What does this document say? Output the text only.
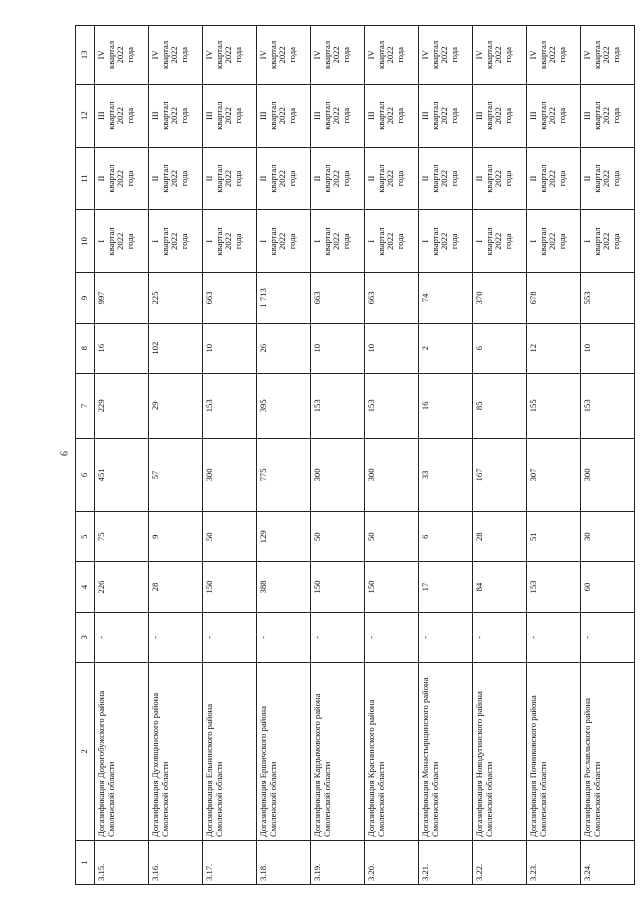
9
1	2	3	4	5	6	7	8	9	10	11	12	13
3.15.	Догазификация Дорогобужского района Смоленской области	-	226	75	451	229	16	997	I
квартал
2022
года	II
квартал
2022
года	III
квартал
2022
года	IV
квартал
2022
года
3.16.	Догазификация Духовщинского района Смоленской области	-	28	9	57	29	102	225	I
квартал
2022
года	II
квартал
2022
года	III
квартал
2022
года	IV
квартал
2022
года
3.17.	Догазификация Ельнинского района Смоленской области	-	150	50	300	153	10	663	I
квартал
2022
года	II
квартал
2022
года	III
квартал
2022
года	IV
квартал
2022
года
3.18.	Догазификация Ершичского района Смоленской области	-	388	129	775	395	26	1 713	I
квартал
2022
года	II
квартал
2022
года	III
квартал
2022
года	IV
квартал
2022
года
3.19.	Догазификация Кардымовского района Смоленской области	-	150	50	300	153	10	663	I
квартал
2022
года	II
квартал
2022
года	III
квартал
2022
года	IV
квартал
2022
года
3.20.	Догазификация Краснинского района Смоленской области	-	150	50	300	153	10	663	I
квартал
2022
года	II
квартал
2022
года	III
квартал
2022
года	IV
квартал
2022
года
3.21.	Догазификация Монастырщинского района Смоленской области	-	17	6	33	16	2	74	I
квартал
2022
года	II
квартал
2022
года	III
квартал
2022
года	IV
квартал
2022
года
3.22.	Догазификация Новодугинского района Смоленской области	-	84	28	167	85	6	370	I
квартал
2022
года	II
квартал
2022
года	III
квартал
2022
года	IV
квартал
2022
года
3.23.	Догазификация Починковского района Смоленской области	-	153	51	307	155	12	678	I
квартал
2022
года	II
квартал
2022
года	III
квартал
2022
года	IV
квартал
2022
года
3.24.	Догазификация Рославльского района Смоленской области	-	60	30	300	153	10	553	I
квартал
2022
года	II
квартал
2022
года	III
квартал
2022
года	IV
квартал
2022
года
